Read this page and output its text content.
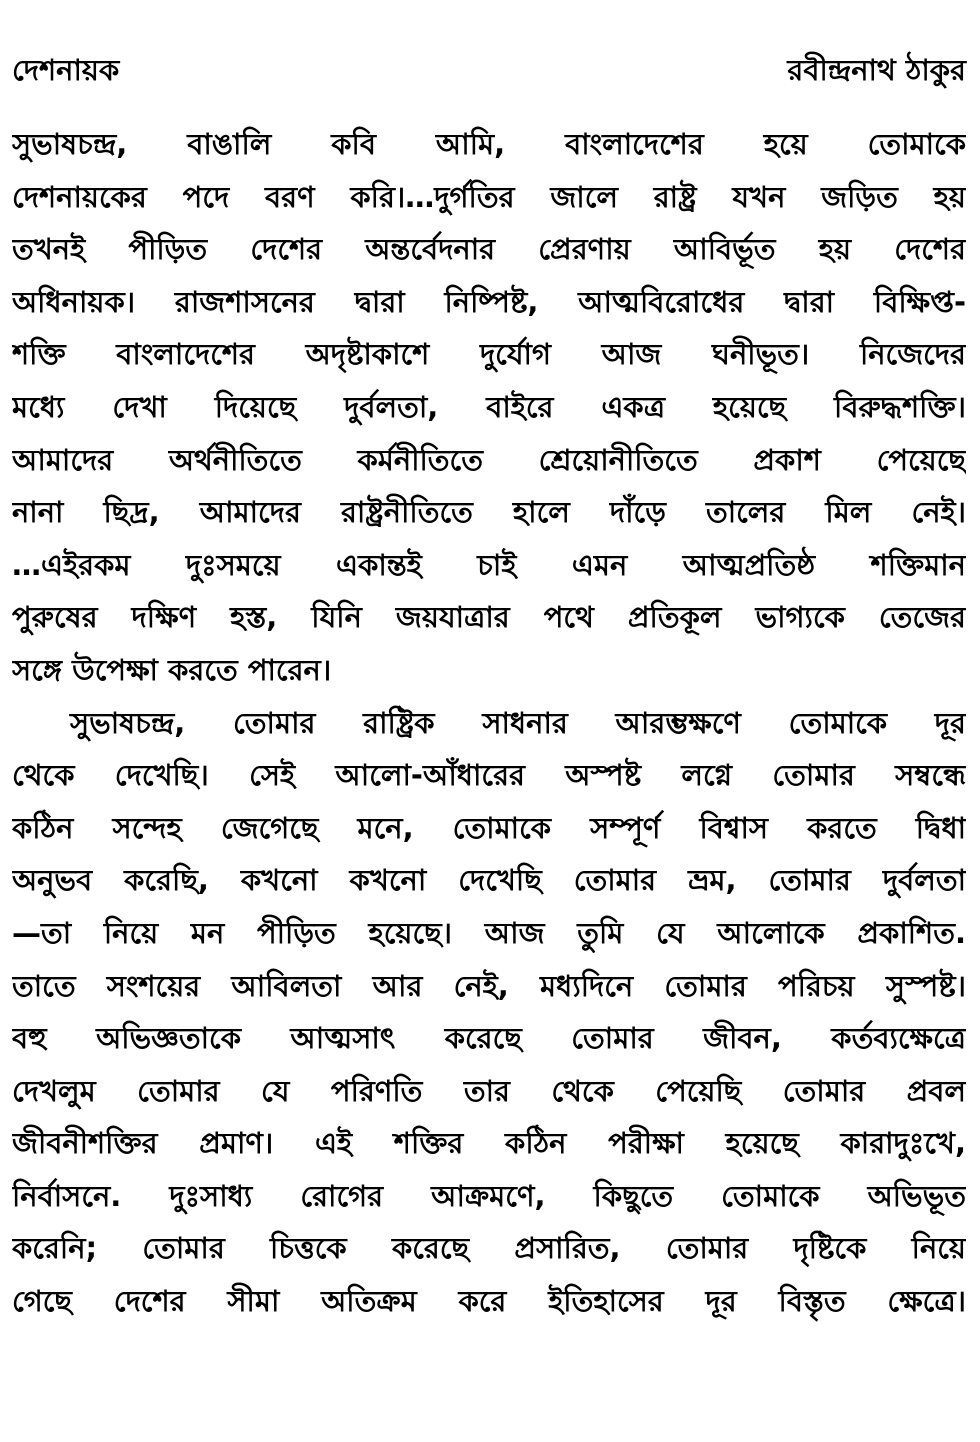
দেশনায়ক	রবীন্দ্রনাথ ঠাকুর
সুভাষচন্দ্র, বাঙালি কবি আমি, বাংলাদেশের হয়ে তোমাকে
দেশনায়কের পদে বরণ করি।…দুর্গতির জালে রাষ্ট্র যখন জড়িত হয়
তখনই পীড়িত দেশের অন্তর্বেদনার প্রেরণায় আবির্ভূত হয় দেশের
অধিনায়ক। রাজশাসনের দ্বারা নিষ্পিষ্ট, আত্মবিরোধের দ্বারা বিক্ষিপ্ত-
শক্তি বাংলাদেশের অদৃষ্টাকাশে দুর্যোগ আজ ঘনীভূত। নিজেদের
মধ্যে দেখা দিয়েছে দুর্বলতা, বাইরে একত্র হয়েছে বিরুদ্ধশক্তি।
আমাদের অর্থনীতিতে কর্মনীতিতে শ্রেয়োনীতিতে প্রকাশ পেয়েছে
নানা ছিদ্র, আমাদের রাষ্ট্রনীতিতে হালে দাঁড়ে তালের মিল নেই।
…এইরকম দুঃসময়ে একান্তই চাই এমন আত্মপ্রতিষ্ঠ শক্তিমান
পুরুষের দক্ষিণ হস্ত, যিনি জয়যাত্রার পথে প্রতিকূল ভাগ্যকে তেজের
সঙ্গে উপেক্ষা করতে পারেন।
সুভাষচন্দ্র, তোমার রাষ্ট্রিক সাধনার আরম্ভক্ষণে তোমাকে দূর
থেকে দেখেছি। সেই আলো-আঁধারের অস্পষ্ট লগ্নে তোমার সম্বন্ধে
কঠিন সন্দেহ জেগেছে মনে, তোমাকে সম্পূর্ণ বিশ্বাস করতে দ্বিধা
অনুভব করেছি, কখনো কখনো দেখেছি তোমার ভ্রম, তোমার দুর্বলতা
—তা নিয়ে মন পীড়িত হয়েছে। আজ তুমি যে আলোকে প্রকাশিত.
তাতে সংশয়ের আবিলতা আর নেই, মধ্যদিনে তোমার পরিচয় সুস্পষ্ট।
বহু অভিজ্ঞতাকে আত্মসাৎ করেছে তোমার জীবন, কর্তব্যক্ষেত্রে
দেখলুম তোমার যে পরিণতি তার থেকে পেয়েছি তোমার প্রবল
জীবনীশক্তির প্রমাণ। এই শক্তির কঠিন পরীক্ষা হয়েছে কারাদুঃখে,
নির্বাসনে. দুঃসাধ্য রোগের আক্রমণে, কিছুতে তোমাকে অভিভূত
করেনি; তোমার চিত্তকে করেছে প্রসারিত, তোমার দৃষ্টিকে নিয়ে
গেছে দেশের সীমা অতিক্রম করে ইতিহাসের দূর বিস্তৃত ক্ষেত্রে।
